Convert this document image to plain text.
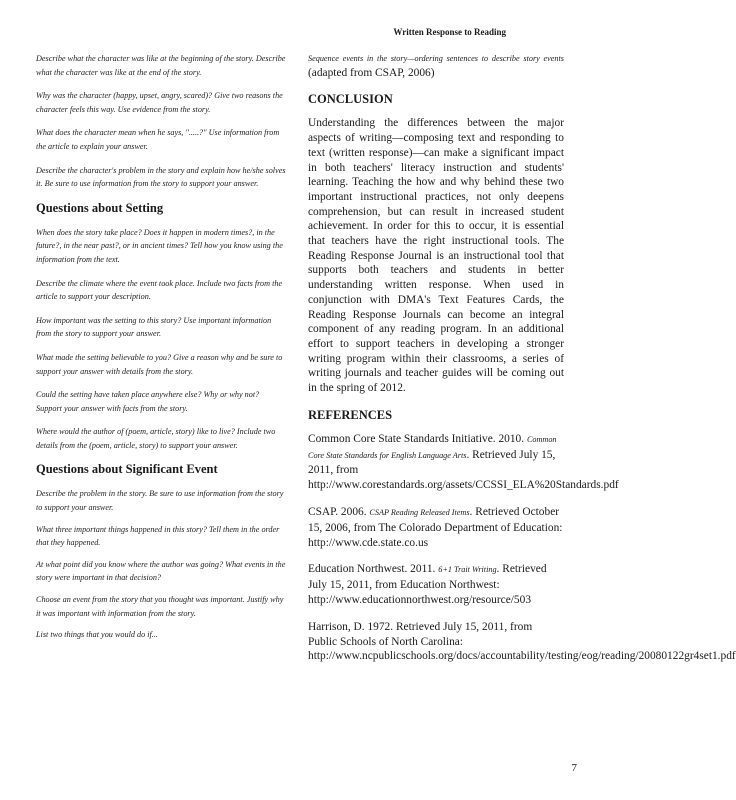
Written Response to Reading

Describe what the character was like at the beginning of the story. Describe what the character was like at the end of the story.

Why was the character (happy, upset, angry, scared)? Give two reasons the character feels this way. Use evidence from the story.

What does the character mean when he says, ".....?" Use information from the article to explain your answer.

Describe the character's problem in the story and explain how he/she solves it. Be sure to use information from the story to support your answer.

Questions about Setting

When does the story take place? Does it happen in modern times?, in the future?, in the near past?, or in ancient times? Tell how you know using the information from the text.

Describe the climate where the event took place. Include two facts from the article to support your description.

How important was the setting to this story? Use important information from the story to support your answer.

What made the setting believable to you? Give a reason why and be sure to support your answer with details from the story.

Could the setting have taken place anywhere else? Why or why not? Support your answer with facts from the story.

Where would the author of (poem, article, story) like to live? Include two details from the (poem, article, story) to support your answer.

Questions about Significant Event

Describe the problem in the story. Be sure to use information from the story to support your answer.

What three important things happened in this story? Tell them in the order that they happened.

At what point did you know where the author was going? What events in the story were important in that decision?

Choose an event from the story that you thought was important. Justify why it was important with information from the story.

List two things that you would do if...

Sequence events in the story—ordering sentences to describe story events

(adapted from CSAP, 2006)

CONCLUSION

Understanding the differences between the major aspects of writing—composing text and responding to text (written response)—can make a significant impact in both teachers' literacy instruction and students' learning. Teaching the how and why behind these two important instructional practices, not only deepens comprehension, but can result in increased student achievement. In order for this to occur, it is essential that teachers have the right instructional tools. The Reading Response Journal is an instructional tool that supports both teachers and students in better understanding written response. When used in conjunction with DMA's Text Features Cards, the Reading Response Journals can become an integral component of any reading program. In an additional effort to support teachers in developing a stronger writing program within their classrooms, a series of writing journals and teacher guides will be coming out in the spring of 2012.

REFERENCES

Common Core State Standards Initiative. 2010. Common Core State Standards for English Language Arts. Retrieved July 15, 2011, from http://www.corestandards.org/assets/CCSSI_ELA%20Standards.pdf

CSAP. 2006. CSAP Reading Released Items. Retrieved October 15, 2006, from The Colorado Department of Education: http://www.cde.state.co.us

Education Northwest. 2011. 6+1 Trait Writing. Retrieved July 15, 2011, from Education Northwest: http://www.educationnorthwest.org/resource/503

Harrison, D. 1972. Retrieved July 15, 2011, from Public Schools of North Carolina: http://www.ncpublicschools.org/docs/accountability/testing/eog/reading/20080122gr4set1.pdf

7
